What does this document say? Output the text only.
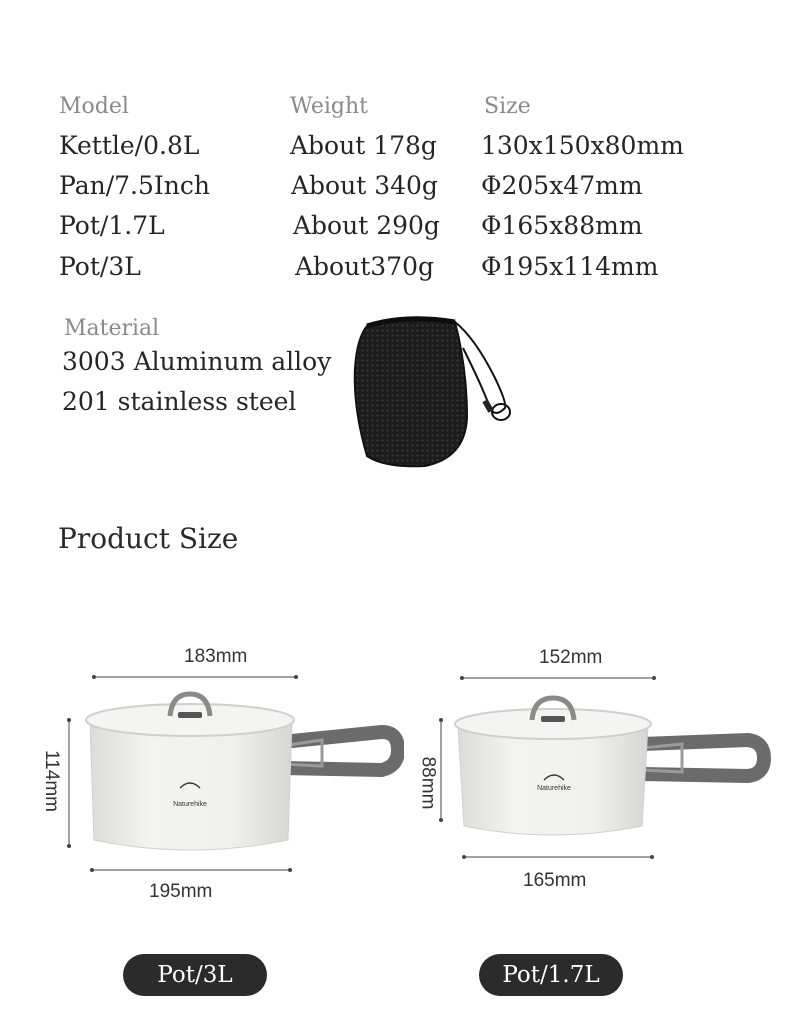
Model	Weight	Size
Kettle/0.8L	About 178g 130x150x80mm
Pan/7.5Inch	About 340g Φ205x47mm
Pot/1.7L	About 290g Φ165x88mm
Pot/3L	About370g Φ195x114mm
Material
3003 Aluminum alloy
201 stainless steel
Product Size
183mm
114mm	Naturehike
195mm
Pot/3L
152mm
88mm	Naturehike
165mm
Pot/1.7L
